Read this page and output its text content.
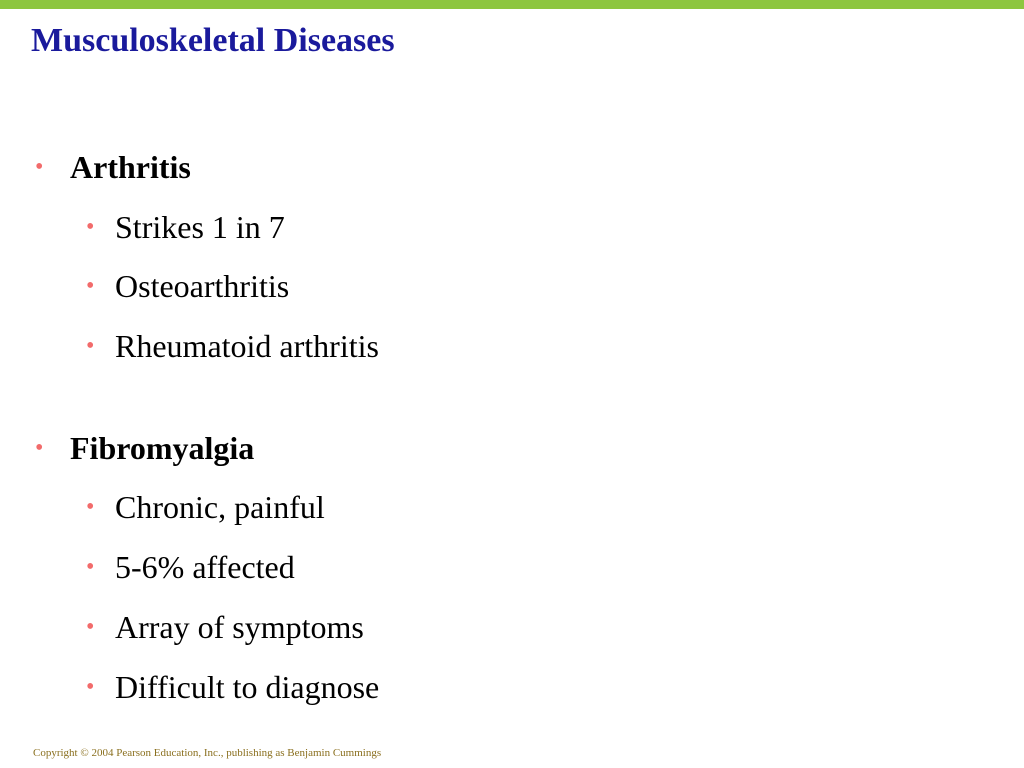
Musculoskeletal Diseases
• Arthritis
• Strikes 1 in 7
• Osteoarthritis
• Rheumatoid arthritis
• Fibromyalgia
• Chronic, painful
• 5-6% affected
• Array of symptoms
• Difficult to diagnose
Copyright © 2004 Pearson Education, Inc., publishing as Benjamin Cummings
